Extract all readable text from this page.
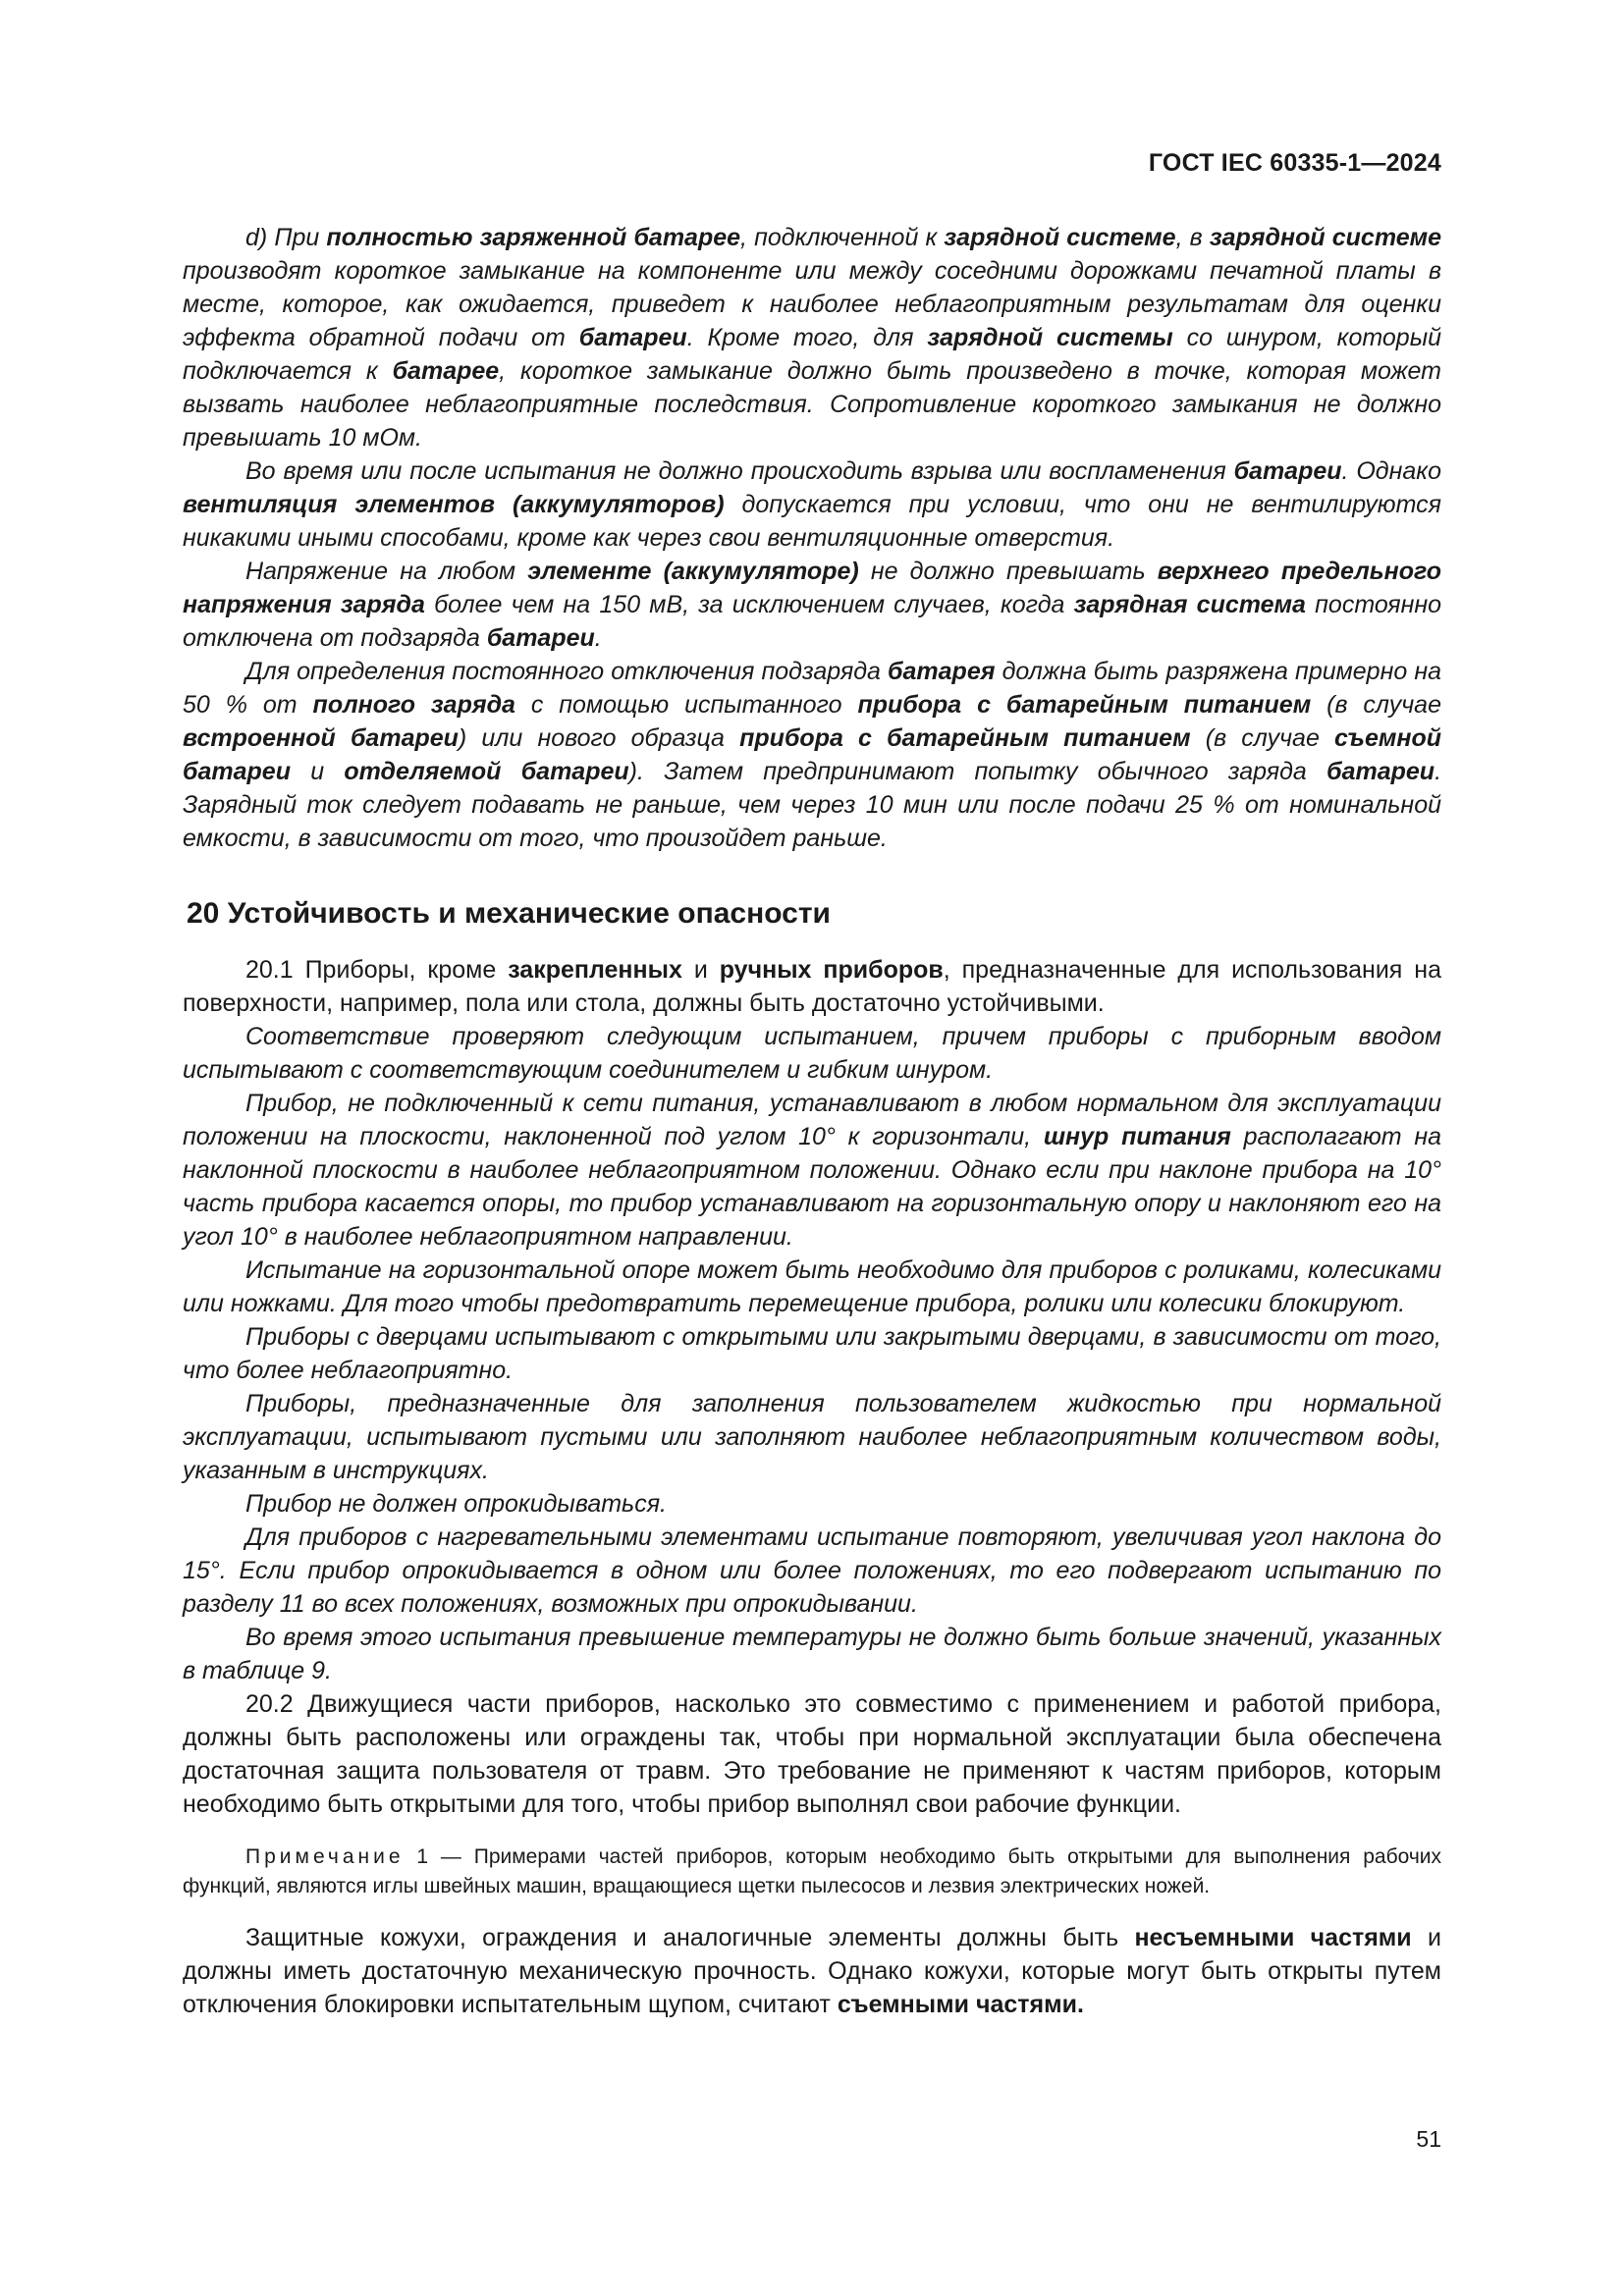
ГОСТ IEC 60335-1—2024

d) При полностью заряженной батарее, подключенной к зарядной системе, в зарядной системе производят короткое замыкание на компоненте или между соседними дорожками печатной платы в месте, которое, как ожидается, приведет к наиболее неблагоприятным результатам для оценки эффекта обратной подачи от батареи. Кроме того, для зарядной системы со шнуром, который подключается к батарее, короткое замыкание должно быть произведено в точке, которая может вызвать наиболее неблагоприятные последствия. Сопротивление короткого замыкания не должно превышать 10 мОм.

Во время или после испытания не должно происходить взрыва или воспламенения батареи. Однако вентиляция элементов (аккумуляторов) допускается при условии, что они не вентилируются никакими иными способами, кроме как через свои вентиляционные отверстия.

Напряжение на любом элементе (аккумуляторе) не должно превышать верхнего предельного напряжения заряда более чем на 150 мВ, за исключением случаев, когда зарядная система постоянно отключена от подзаряда батареи.

Для определения постоянного отключения подзаряда батарея должна быть разряжена примерно на 50 % от полного заряда с помощью испытанного прибора с батарейным питанием (в случае встроенной батареи) или нового образца прибора с батарейным питанием (в случае съемной батареи и отделяемой батареи). Затем предпринимают попытку обычного заряда батареи. Зарядный ток следует подавать не раньше, чем через 10 мин или после подачи 25 % от номинальной емкости, в зависимости от того, что произойдет раньше.

20 Устойчивость и механические опасности

20.1 Приборы, кроме закрепленных и ручных приборов, предназначенные для использования на поверхности, например, пола или стола, должны быть достаточно устойчивыми.

Соответствие проверяют следующим испытанием, причем приборы с приборным вводом испытывают с соответствующим соединителем и гибким шнуром.

Прибор, не подключенный к сети питания, устанавливают в любом нормальном для эксплуатации положении на плоскости, наклоненной под углом 10° к горизонтали, шнур питания располагают на наклонной плоскости в наиболее неблагоприятном положении. Однако если при наклоне прибора на 10° часть прибора касается опоры, то прибор устанавливают на горизонтальную опору и наклоняют его на угол 10° в наиболее неблагоприятном направлении.

Испытание на горизонтальной опоре может быть необходимо для приборов с роликами, колесиками или ножками. Для того чтобы предотвратить перемещение прибора, ролики или колесики блокируют.

Приборы с дверцами испытывают с открытыми или закрытыми дверцами, в зависимости от того, что более неблагоприятно.

Приборы, предназначенные для заполнения пользователем жидкостью при нормальной эксплуатации, испытывают пустыми или заполняют наиболее неблагоприятным количеством воды, указанным в инструкциях.

Прибор не должен опрокидываться.

Для приборов с нагревательными элементами испытание повторяют, увеличивая угол наклона до 15°. Если прибор опрокидывается в одном или более положениях, то его подвергают испытанию по разделу 11 во всех положениях, возможных при опрокидывании.

Во время этого испытания превышение температуры не должно быть больше значений, указанных в таблице 9.

20.2 Движущиеся части приборов, насколько это совместимо с применением и работой прибора, должны быть расположены или ограждены так, чтобы при нормальной эксплуатации была обеспечена достаточная защита пользователя от травм. Это требование не применяют к частям приборов, которым необходимо быть открытыми для того, чтобы прибор выполнял свои рабочие функции.

Примечание 1 — Примерами частей приборов, которым необходимо быть открытыми для выполнения рабочих функций, являются иглы швейных машин, вращающиеся щетки пылесосов и лезвия электрических ножей.

Защитные кожухи, ограждения и аналогичные элементы должны быть несъемными частями и должны иметь достаточную механическую прочность. Однако кожухи, которые могут быть открыты путем отключения блокировки испытательным щупом, считают съемными частями.

51
